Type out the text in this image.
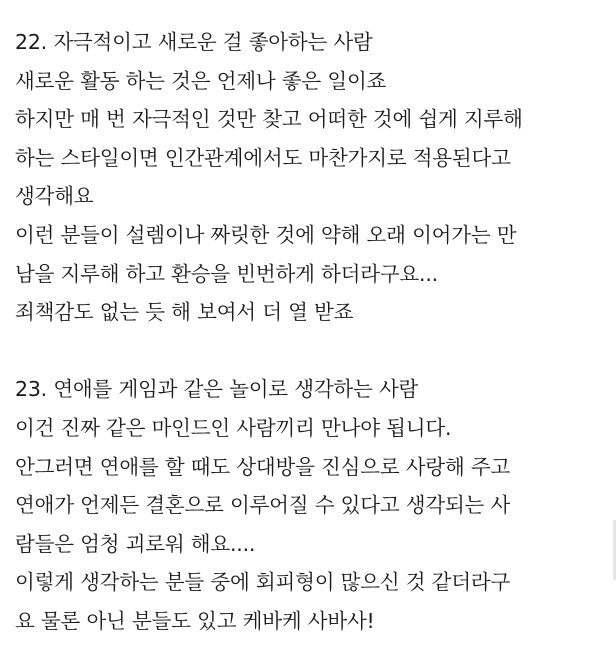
22. 자극적이고 새로운 걸 좋아하는 사람
새로운 활동 하는 것은 언제나 좋은 일이죠
하지만 매 번 자극적인 것만 찾고 어떠한 것에 쉽게 지루해
하는 스타일이면 인간관계에서도 마찬가지로 적용된다고
생각해요
이런 분들이 설렘이나 짜릿한 것에 약해 오래 이어가는 만
남을 지루해 하고 환승을 빈번하게 하더라구요...
죄책감도 없는 듯 해 보여서 더 열 받죠
23. 연애를 게임과 같은 놀이로 생각하는 사람
이건 진짜 같은 마인드인 사람끼리 만나야 됩니다.
안그러면 연애를 할 때도 상대방을 진심으로 사랑해 주고
연애가 언제든 결혼으로 이루어질 수 있다고 생각되는 사
람들은 엄청 괴로워 해요....
이렇게 생각하는 분들 중에 회피형이 많으신 것 같더라구
요 물론 아닌 분들도 있고 케바케 사바사!
